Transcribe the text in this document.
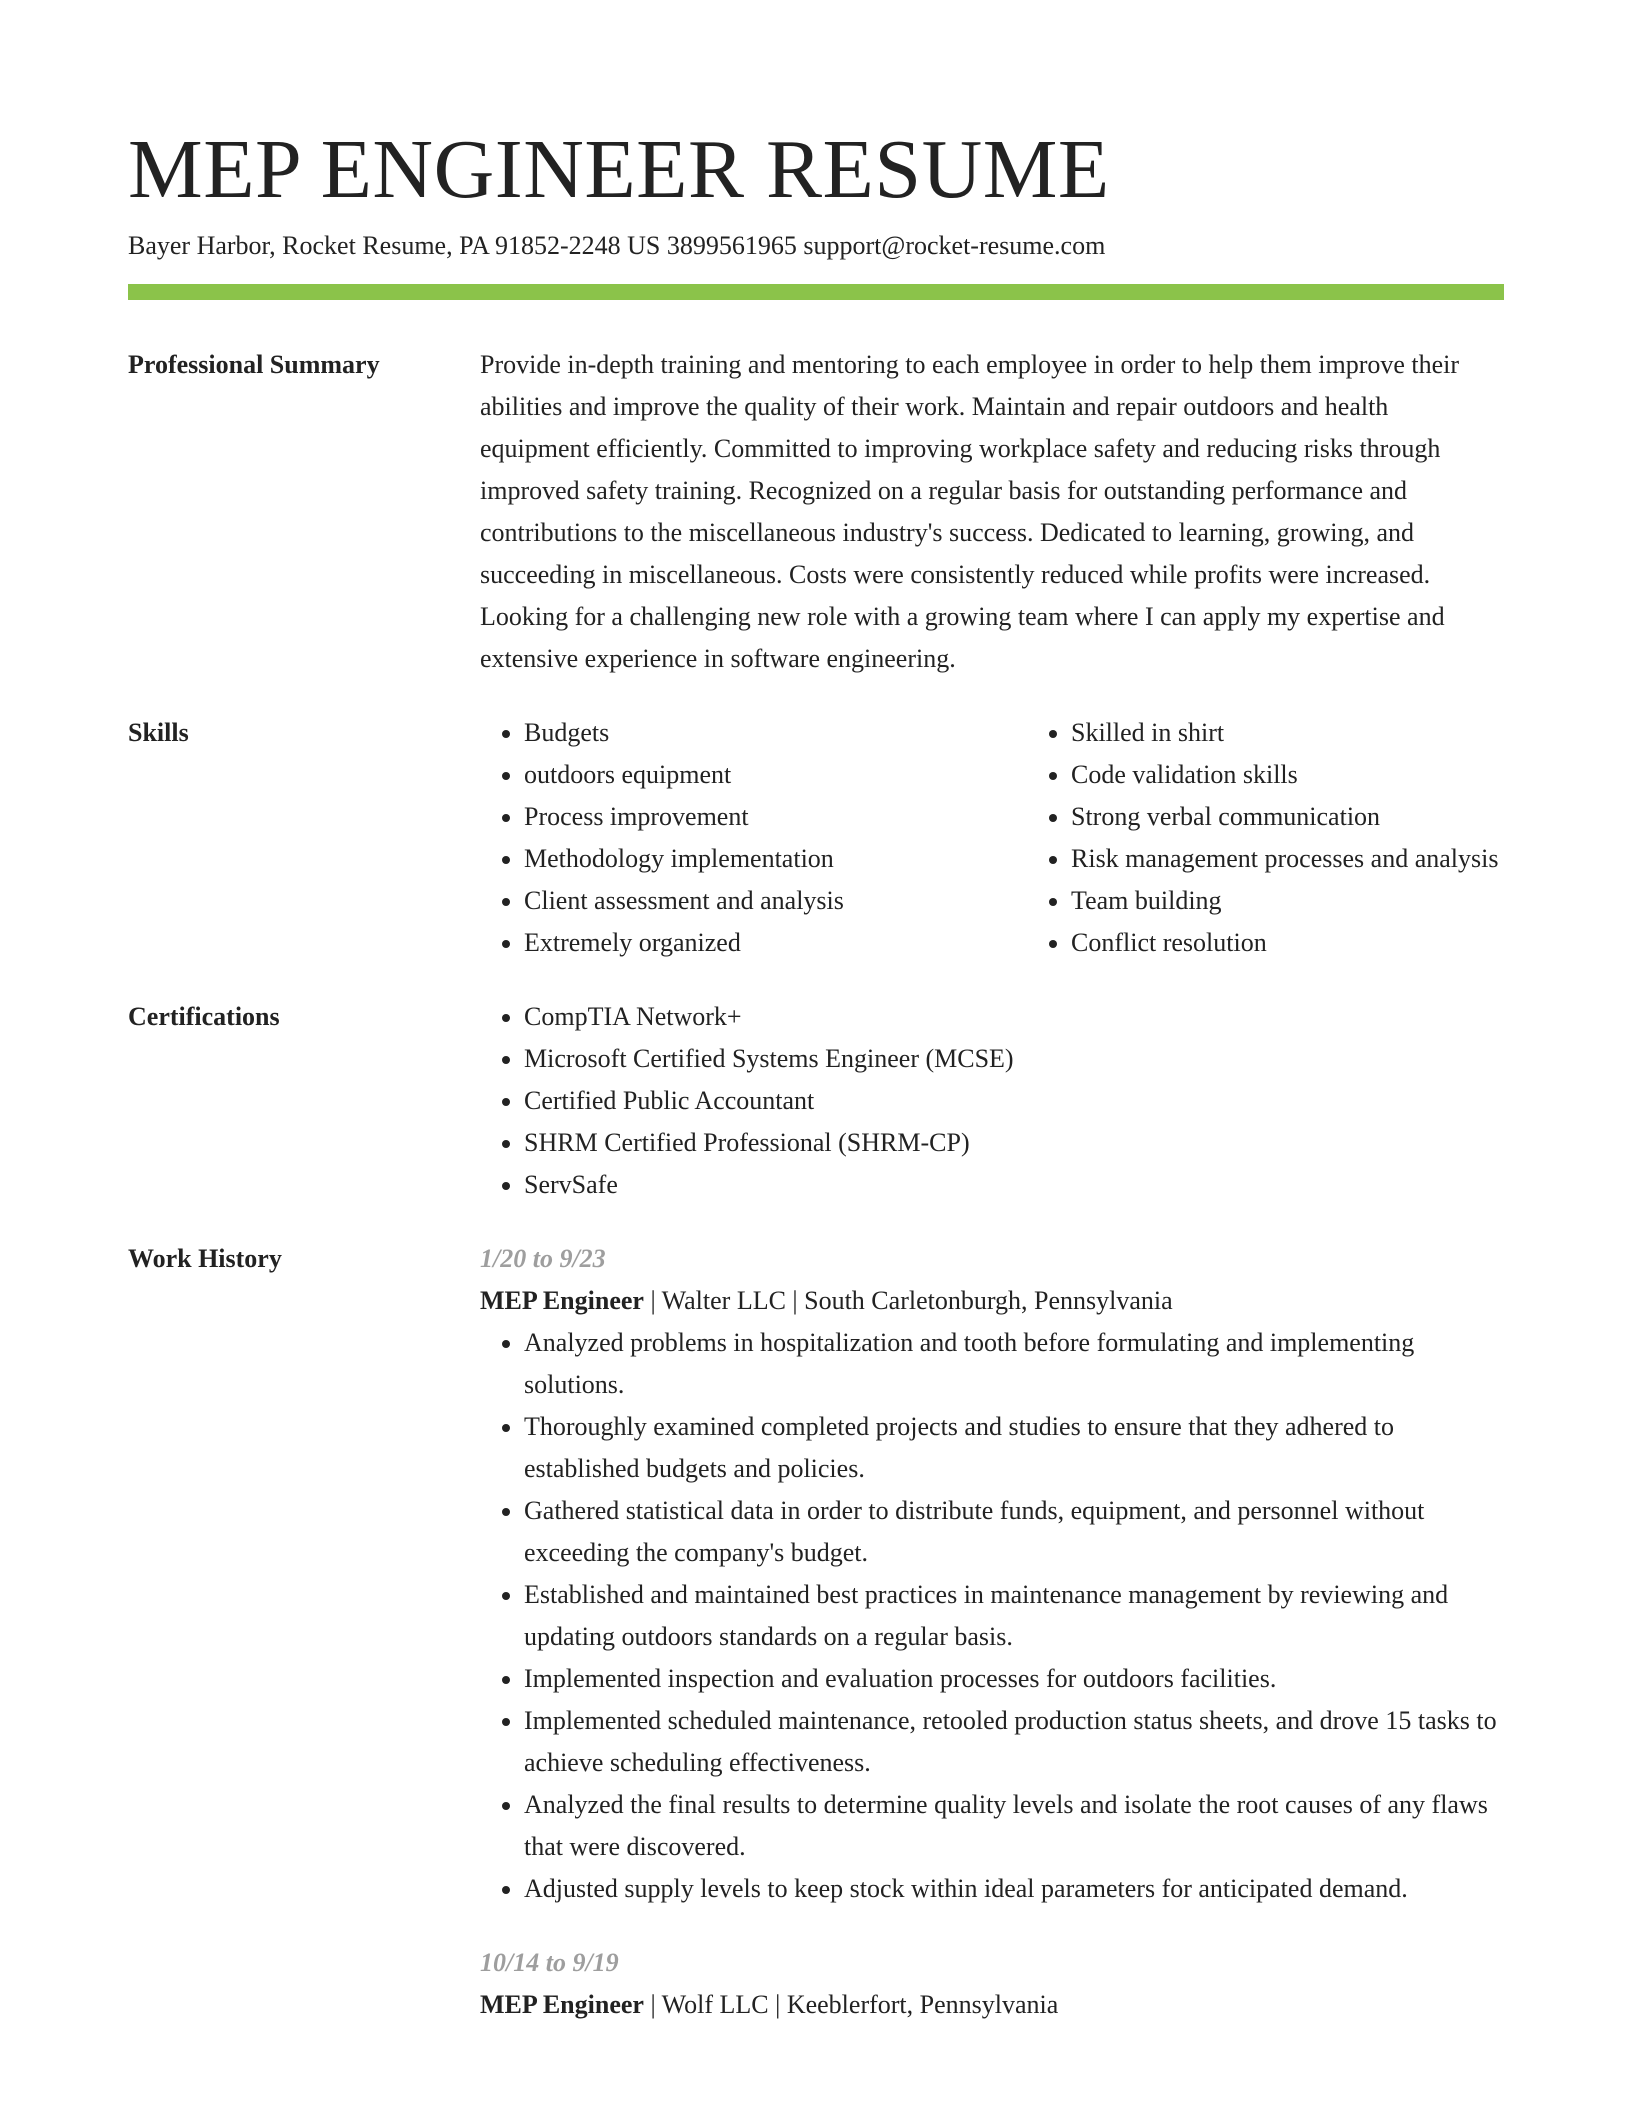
MEP ENGINEER RESUME
Bayer Harbor, Rocket Resume, PA 91852-2248 US 3899561965 support@rocket-resume.com
Professional Summary	Provide in-depth training and mentoring to each employee in order to help them improve their abilities and improve the quality of their work. Maintain and repair outdoors and health equipment efficiently. Committed to improving workplace safety and reducing risks through improved safety training. Recognized on a regular basis for outstanding performance and contributions to the miscellaneous industry's success. Dedicated to learning, growing, and succeeding in miscellaneous. Costs were consistently reduced while profits were increased. Looking for a challenging new role with a growing team where I can apply my expertise and extensive experience in software engineering.

Skills	• Budgets
• outdoors equipment
• Process improvement
• Methodology implementation
• Client assessment and analysis
• Extremely organized
• Skilled in shirt
• Code validation skills
• Strong verbal communication
• Risk management processes and analysis
• Team building
• Conflict resolution
Certifications	• CompTIA Network+
• Microsoft Certified Systems Engineer (MCSE)
• Certified Public Accountant
• SHRM Certified Professional (SHRM-CP)
• ServSafe
Work History	1/20 to 9/23
MEP Engineer | Walter LLC | South Carletonburgh, Pennsylvania
• Analyzed problems in hospitalization and tooth before formulating and implementing solutions.
• Thoroughly examined completed projects and studies to ensure that they adhered to established budgets and policies.
• Gathered statistical data in order to distribute funds, equipment, and personnel without exceeding the company's budget.
• Established and maintained best practices in maintenance management by reviewing and updating outdoors standards on a regular basis.
• Implemented inspection and evaluation processes for outdoors facilities.
• Implemented scheduled maintenance, retooled production status sheets, and drove 15 tasks to achieve scheduling effectiveness.
• Analyzed the final results to determine quality levels and isolate the root causes of any flaws that were discovered.
• Adjusted supply levels to keep stock within ideal parameters for anticipated demand.
10/14 to 9/19
MEP Engineer | Wolf LLC | Keeblerfort, Pennsylvania
